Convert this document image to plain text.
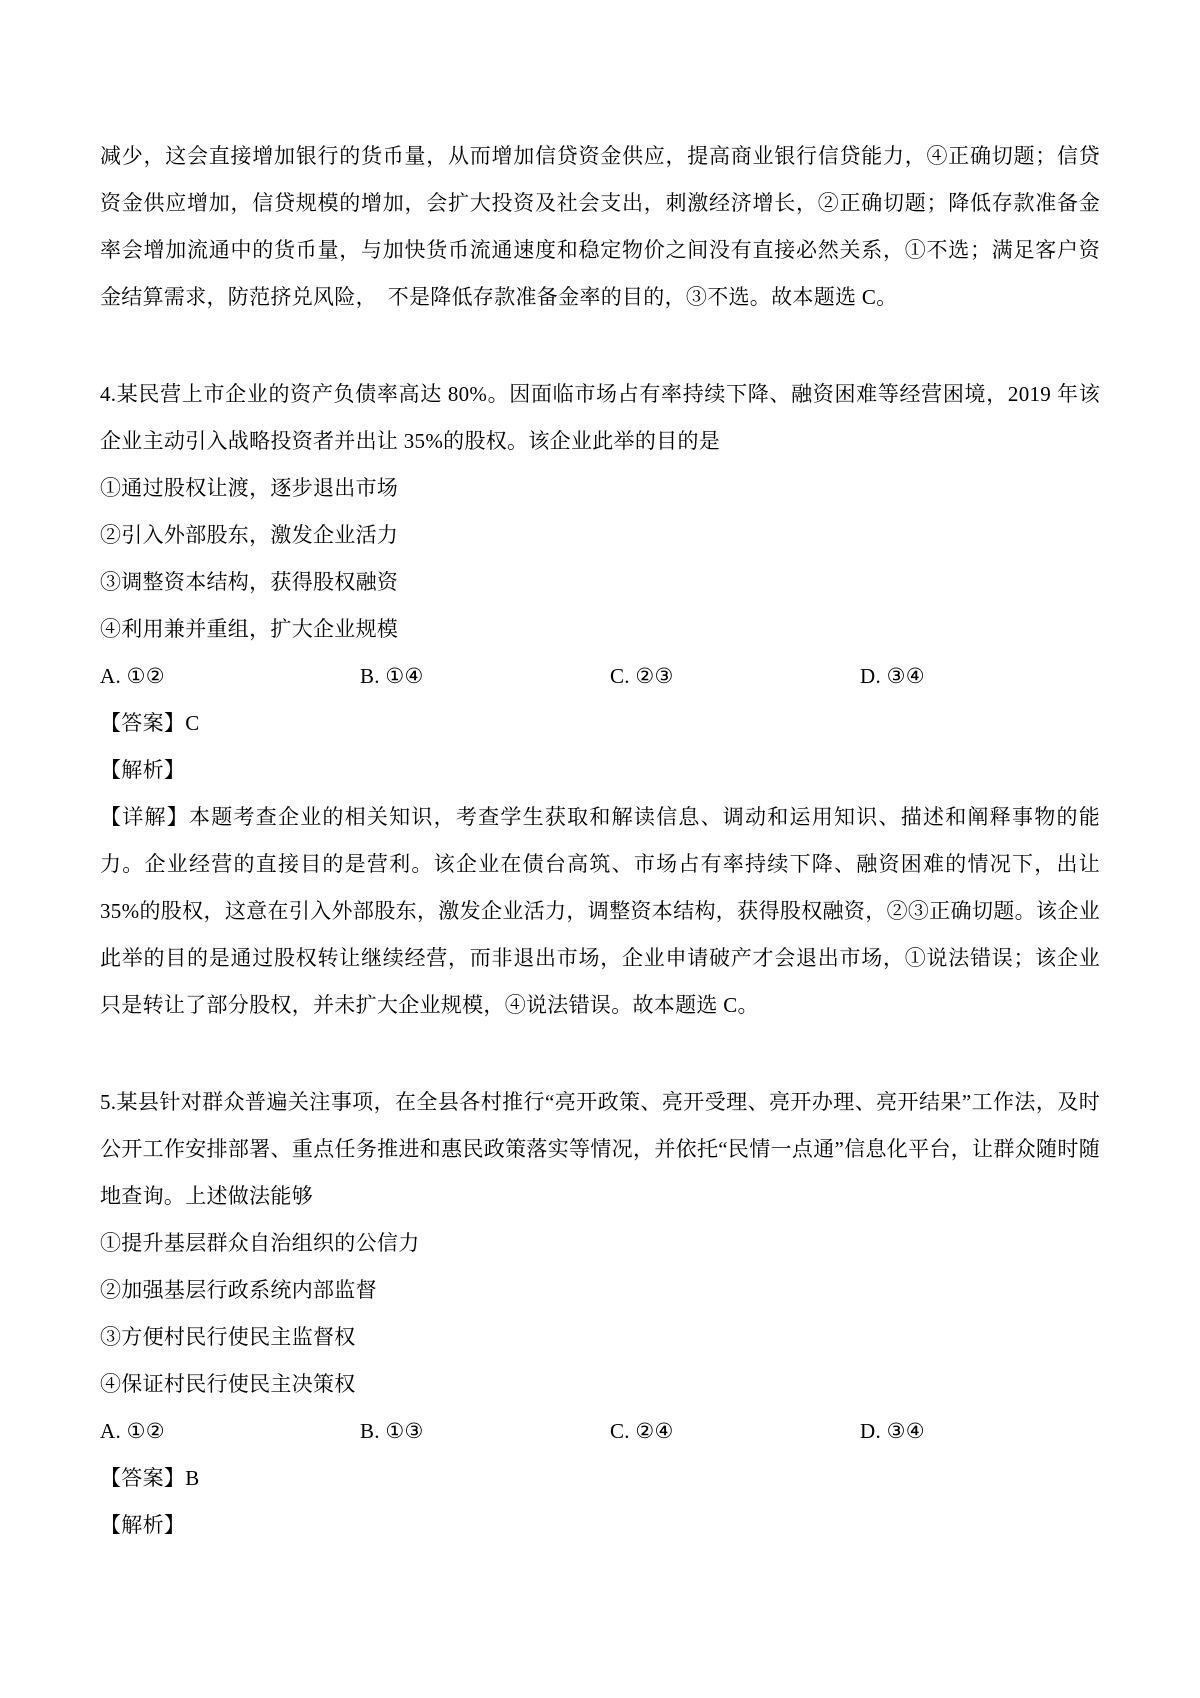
减少，这会直接增加银行的货币量，从而增加信贷资金供应，提高商业银行信贷能力，④正确切题；信贷资金供应增加，信贷规模的增加，会扩大投资及社会支出，刺激经济增长，②正确切题；降低存款准备金率会增加流通中的货币量，与加快货币流通速度和稳定物价之间没有直接必然关系，①不选；满足客户资金结算需求，防范挤兑风险，　不是降低存款准备金率的目的，③不选。故本题选 C。

4.某民营上市企业的资产负债率高达 80%。因面临市场占有率持续下降、融资困难等经营困境，2019 年该企业主动引入战略投资者并出让 35%的股权。该企业此举的目的是

①通过股权让渡，逐步退出市场

②引入外部股东，激发企业活力

③调整资本结构，获得股权融资

④利用兼并重组，扩大企业规模

A. ①②	B. ①④	C. ②③	D. ③④

【答案】C

【解析】

【详解】本题考查企业的相关知识，考查学生获取和解读信息、调动和运用知识、描述和阐释事物的能力。企业经营的直接目的是营利。该企业在债台高筑、市场占有率持续下降、融资困难的情况下，出让 35%的股权，这意在引入外部股东，激发企业活力，调整资本结构，获得股权融资，②③正确切题。该企业此举的目的是通过股权转让继续经营，而非退出市场，企业申请破产才会退出市场，①说法错误；该企业只是转让了部分股权，并未扩大企业规模，④说法错误。故本题选 C。

5.某县针对群众普遍关注事项，在全县各村推行“亮开政策、亮开受理、亮开办理、亮开结果”工作法，及时公开工作安排部署、重点任务推进和惠民政策落实等情况，并依托“民情一点通”信息化平台，让群众随时随地查询。上述做法能够

①提升基层群众自治组织的公信力

②加强基层行政系统内部监督

③方便村民行使民主监督权

④保证村民行使民主决策权

A. ①②	B. ①③	C. ②④	D. ③④

【答案】B

【解析】
